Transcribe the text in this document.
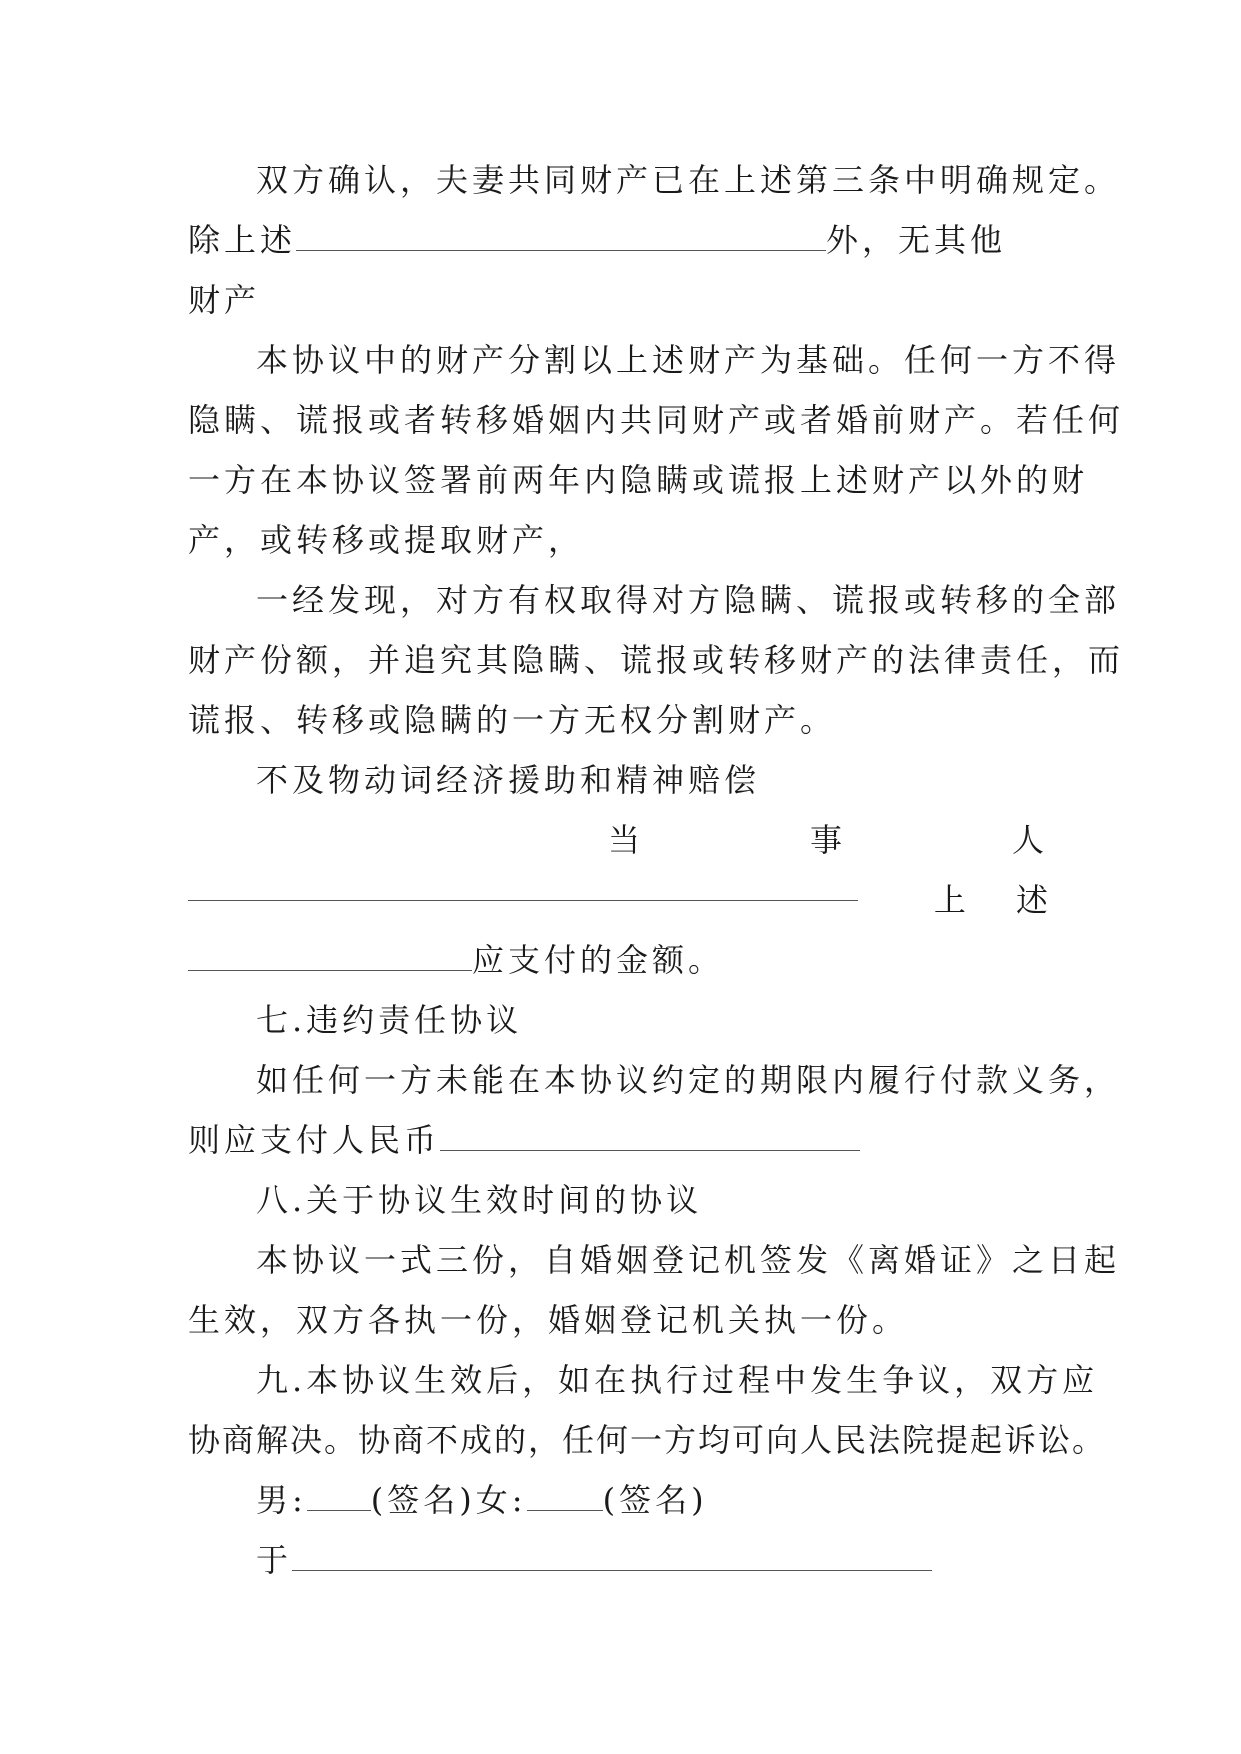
双方确认，夫妻共同财产已在上述第三条中明确规定。
除上述	外，无其他
财产
本协议中的财产分割以上述财产为基础。任何一方不得
隐瞒、谎报或者转移婚姻内共同财产或者婚前财产。若任何
一方在本协议签署前两年内隐瞒或谎报上述财产以外的财
产，或转移或提取财产，
一经发现，对方有权取得对方隐瞒、谎报或转移的全部
财产份额，并追究其隐瞒、谎报或转移财产的法律责任，而
谎报、转移或隐瞒的一方无权分割财产。
不及物动词经济援助和精神赔偿
当	事	人
上 述
应支付的金额。
七.违约责任协议
如任何一方未能在本协议约定的期限内履行付款义务，
则应支付人民币
八.关于协议生效时间的协议
本协议一式三份，自婚姻登记机签发《离婚证》之日起
生效，双方各执一份，婚姻登记机关执一份。
九.本协议生效后，如在执行过程中发生争议，双方应
协商解决。协商不成的，任何一方均可向人民法院提起诉讼。
男: (签名)女: (签名)
于
